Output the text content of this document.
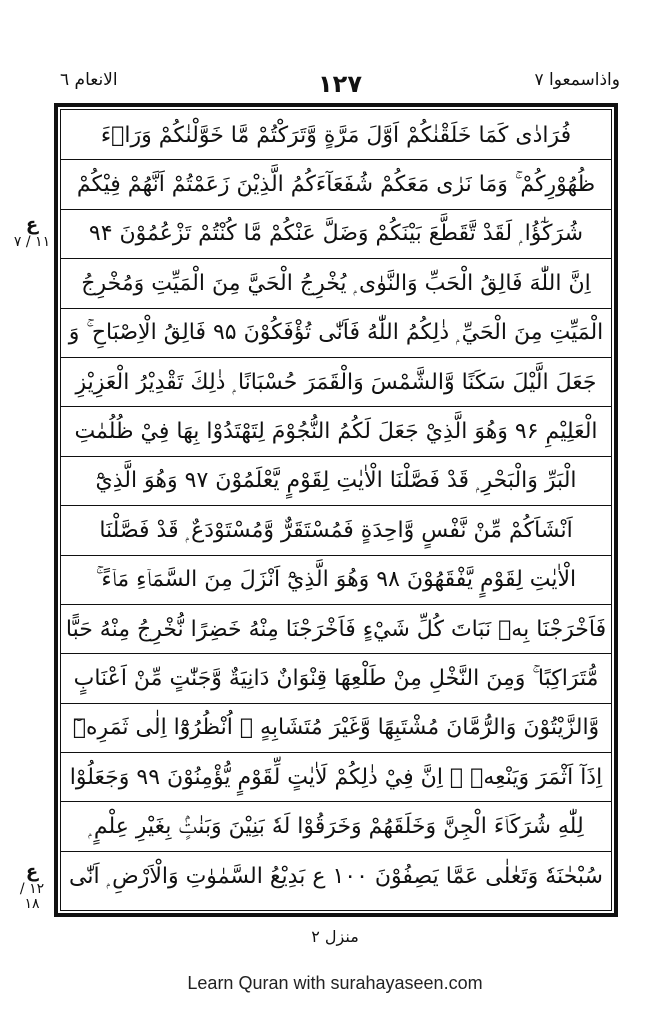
الانعام ٦	١٢٧	واذاسمعوا ٧
فُرَادٰى كَمَا خَلَقْنٰكُمْ اَوَّلَ مَرَّةٍ وَّتَرَكْتُمْ مَّا خَوَّلْنٰكُمْ وَرَاۤءَ
ظُهُوْرِكُمْ ۚ وَمَا نَرٰى مَعَكُمْ شُفَعَآءَكُمُ الَّذِيْنَ زَعَمْتُمْ اَنَّهُمْ فِيْكُمْ
شُرَكٰٓؤُا ۭ لَقَدْ تَّقَطَّعَ بَيْنَكُمْ وَضَلَّ عَنْكُمْ مَّا كُنْتُمْ تَزْعُمُوْنَ ۹۴
اِنَّ اللّٰهَ فَالِقُ الْحَبِّ وَالنَّوٰى ۭ يُخْرِجُ الْحَيَّ مِنَ الْمَيِّتِ وَمُخْرِجُ
الْمَيِّتِ مِنَ الْحَيِّ ۭ ذٰلِكُمُ اللّٰهُ فَاَنّٰى تُؤْفَكُوْنَ ۹۵ فَالِقُ الْاِصْبَاحِ ۚ وَ
جَعَلَ الَّيْلَ سَكَنًا وَّالشَّمْسَ وَالْقَمَرَ حُسْبَانًا ۭ ذٰلِكَ تَقْدِيْرُ الْعَزِيْزِ
الْعَلِيْمِ ۹۶ وَهُوَ الَّذِيْ جَعَلَ لَكُمُ النُّجُوْمَ لِتَهْتَدُوْا بِهَا فِيْ ظُلُمٰتِ
الْبَرِّ وَالْبَحْرِ ۭ قَدْ فَصَّلْنَا الْاٰيٰتِ لِقَوْمٍ يَّعْلَمُوْنَ ۹۷ وَهُوَ الَّذِيْٓ
اَنْشَاَكُمْ مِّنْ نَّفْسٍ وَّاحِدَةٍ فَمُسْتَقَرٌّ وَّمُسْتَوْدَعٌ ۭ قَدْ فَصَّلْنَا
الْاٰيٰتِ لِقَوْمٍ يَّفْقَهُوْنَ ۹۸ وَهُوَ الَّذِيْٓ اَنْزَلَ مِنَ السَّمَاۤءِ مَاۤءً ۚ
فَاَخْرَجْنَا بِهٖ نَبَاتَ كُلِّ شَيْءٍ فَاَخْرَجْنَا مِنْهُ خَضِرًا نُّخْرِجُ مِنْهُ حَبًّا
مُّتَرَاكِبًا ۚ وَمِنَ النَّخْلِ مِنْ طَلْعِهَا قِنْوَانٌ دَانِيَةٌ وَّجَنّٰتٍ مِّنْ اَعْنَابٍ
وَّالزَّيْتُوْنَ وَالرُّمَّانَ مُشْتَبِهًا وَّغَيْرَ مُتَشَابِهٍ ۭ اُنْظُرُوْٓا اِلٰى ثَمَرِهٖٓ
اِذَآ اَثْمَرَ وَيَنْعِهٖ ۭ اِنَّ فِيْ ذٰلِكُمْ لَاٰيٰتٍ لِّقَوْمٍ يُّؤْمِنُوْنَ ۹۹ وَجَعَلُوْا
لِلّٰهِ شُرَكَاۤءَ الْجِنَّ وَخَلَقَهُمْ وَخَرَقُوْا لَهٗ بَنِيْنَ وَبَنٰتٍۢ بِغَيْرِ عِلْمٍ ۭ
سُبْحٰنَهٗ وَتَعٰلٰى عَمَّا يَصِفُوْنَ ۱۰۰ ع بَدِيْعُ السَّمٰوٰتِ وَالْاَرْضِ ۭ اَنّٰى
ع
١١ / ٧
ع
١٢ / ١٨
منزل ٢
Learn Quran with surahayaseen.com
